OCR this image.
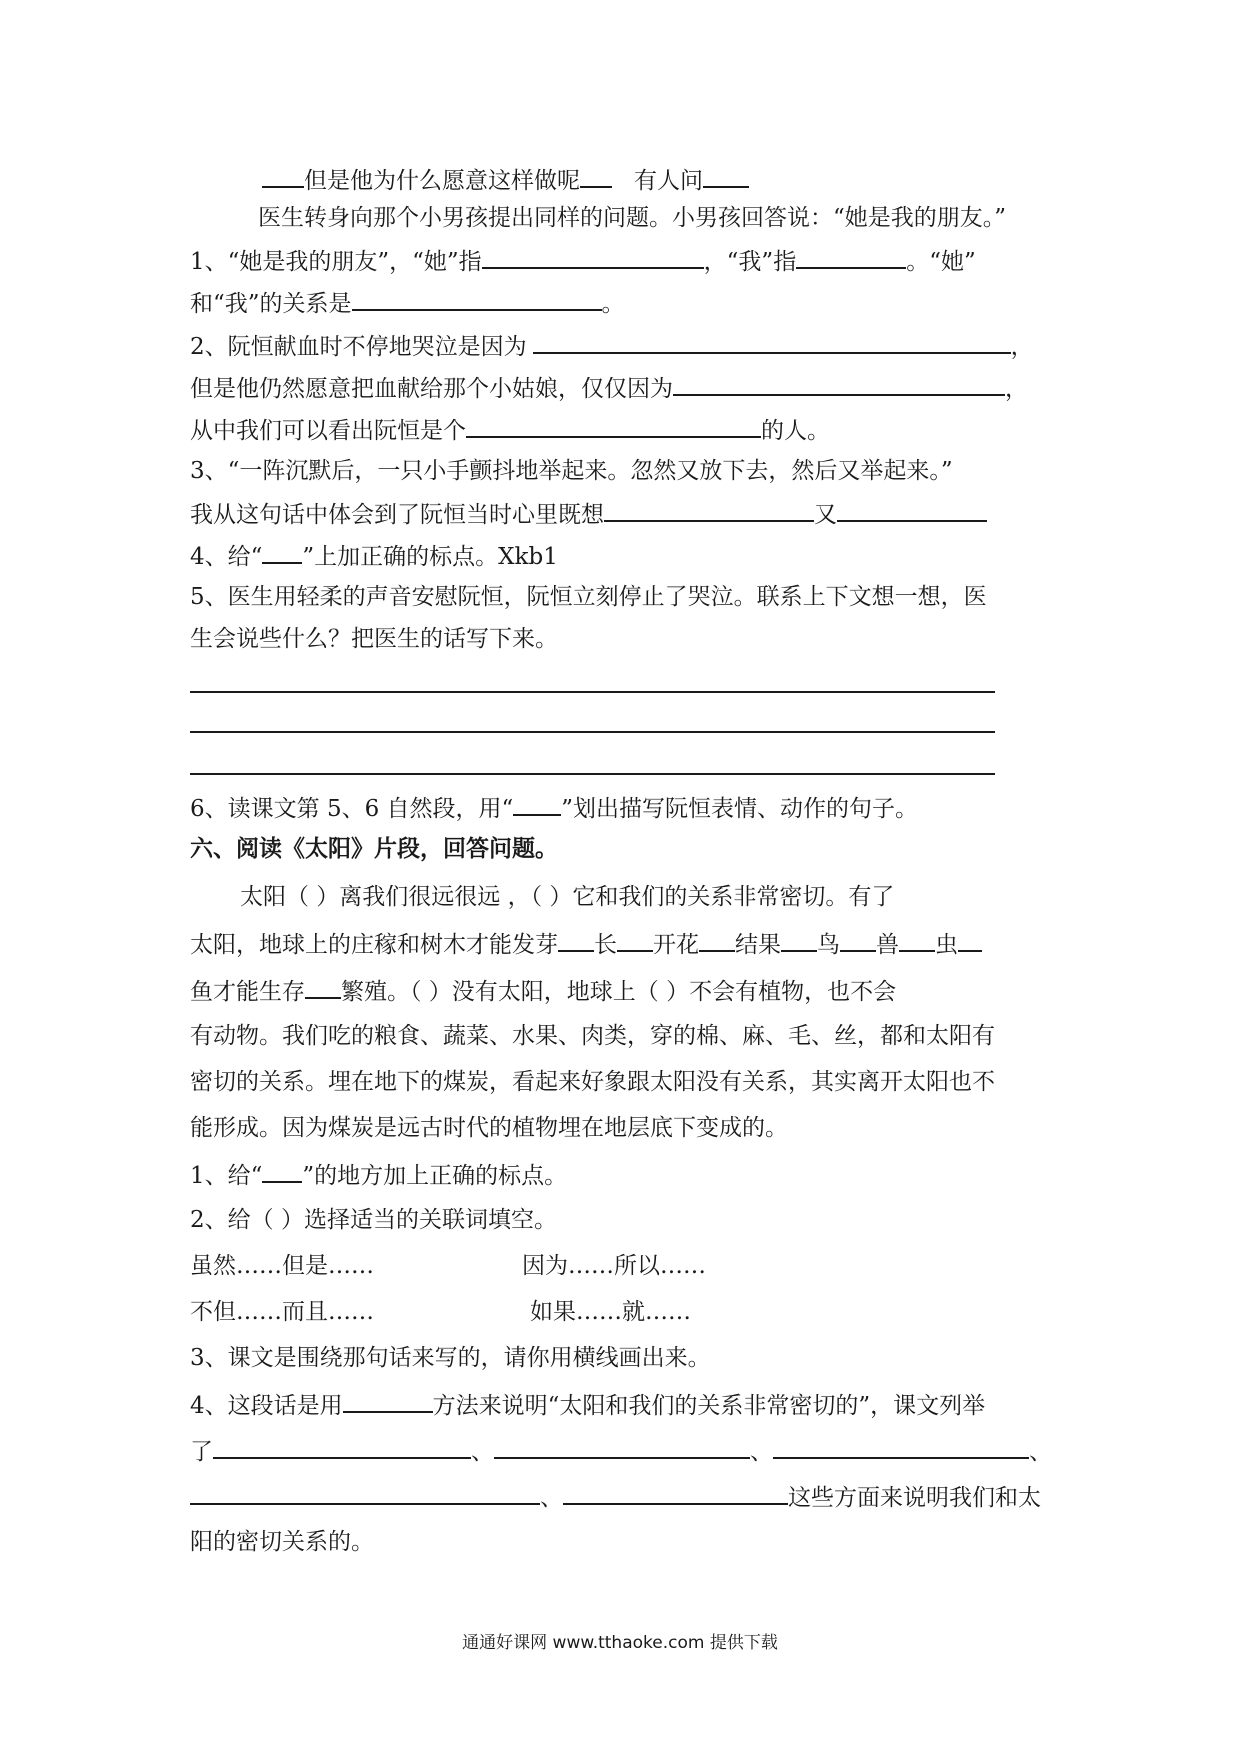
但是他为什么愿意这样做呢 有人问
医生转身向那个小男孩提出同样的问题。小男孩回答说：“她是我的朋友。”
1、“她是我的朋友”，“她”指	，“我”指	。“她”
和“我”的关系是	。
2、阮恒献血时不停地哭泣是因为	，
但是他仍然愿意把血献给那个小姑娘，仅仅因为	，
从中我们可以看出阮恒是个	的人。
3、“一阵沉默后，一只小手颤抖地举起来。忽然又放下去，然后又举起来。”
我从这句话中体会到了阮恒当时心里既想	又
4、给“ ”上加正确的标点。Xkb1
5、医生用轻柔的声音安慰阮恒，阮恒立刻停止了哭泣。联系上下文想一想，医
生会说些什么？把医生的话写下来。
6、读课文第 5、6 自然段，用“ ”划出描写阮恒表情、动作的句子。
六、阅读《太阳》片段，回答问题。
太阳（ ）离我们很远很远 ，（ ）它和我们的关系非常密切。有了
太阳，地球上的庄稼和树木才能发芽 长 开花 结果 鸟 兽 虫
鱼才能生存 繁殖。（ ）没有太阳，地球上（ ）不会有植物，也不会
有动物。我们吃的粮食、蔬菜、水果、肉类，穿的棉、麻、毛、丝，都和太阳有
密切的关系。埋在地下的煤炭，看起来好象跟太阳没有关系，其实离开太阳也不
能形成。因为煤炭是远古时代的植物埋在地层底下变成的。
1、给“ ”的地方加上正确的标点。
2、给（ ）选择适当的关联词填空。
虽然……但是……	因为……所以……
不但……而且……	如果……就……
3、课文是围绕那句话来写的，请你用横线画出来。
4、这段话是用	方法来说明“太阳和我们的关系非常密切的”，课文列举
了	、	、	、
、	这些方面来说明我们和太
阳的密切关系的。
通通好课网 www.tthaoke.com 提供下载
